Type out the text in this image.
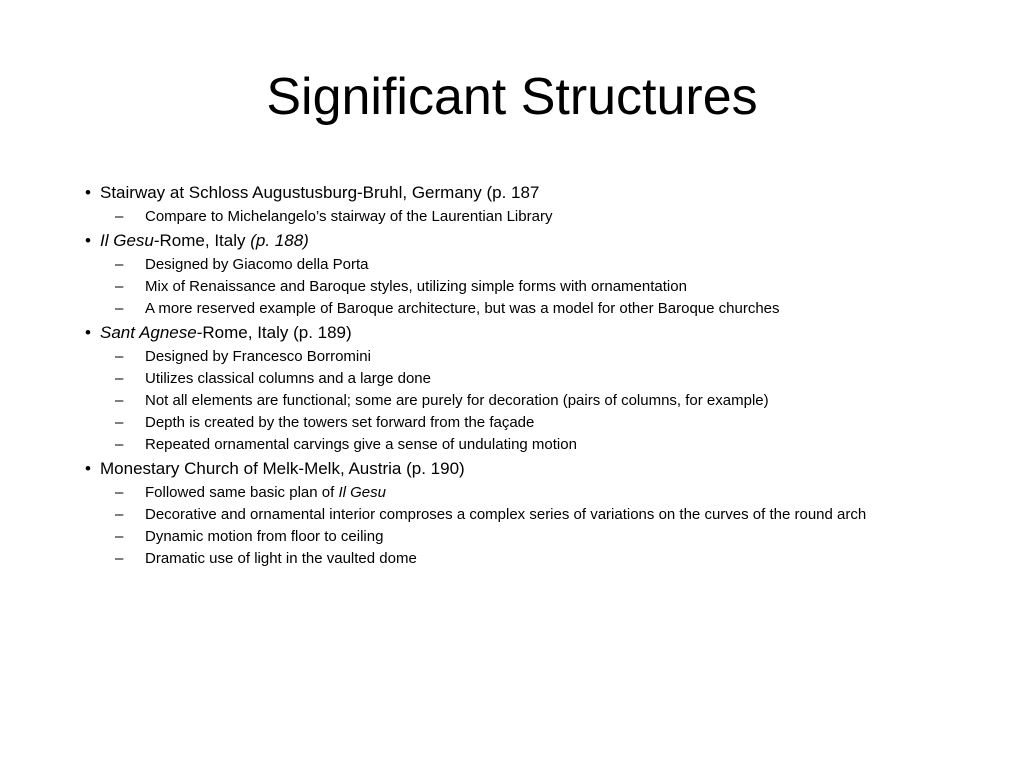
Significant Structures
• Stairway at Schloss Augustusburg-Bruhl, Germany (p. 187
– Compare to Michelangelo’s stairway of the Laurentian Library
• Il Gesu-Rome, Italy (p. 188)
– Designed by Giacomo della Porta
– Mix of Renaissance and Baroque styles, utilizing simple forms with ornamentation
– A more reserved example of Baroque architecture, but was a model for other Baroque churches
• Sant Agnese-Rome, Italy (p. 189)
– Designed by Francesco Borromini
– Utilizes classical columns and a large done
– Not all elements are functional; some are purely for decoration (pairs of columns, for example)
– Depth is created by the towers set forward from the façade
– Repeated ornamental carvings give a sense of undulating motion
• Monestary Church of Melk-Melk, Austria (p. 190)
– Followed same basic plan of Il Gesu
– Decorative and ornamental interior comproses a complex series of variations on the curves of the round arch
– Dynamic motion from floor to ceiling
– Dramatic use of light in the vaulted dome
